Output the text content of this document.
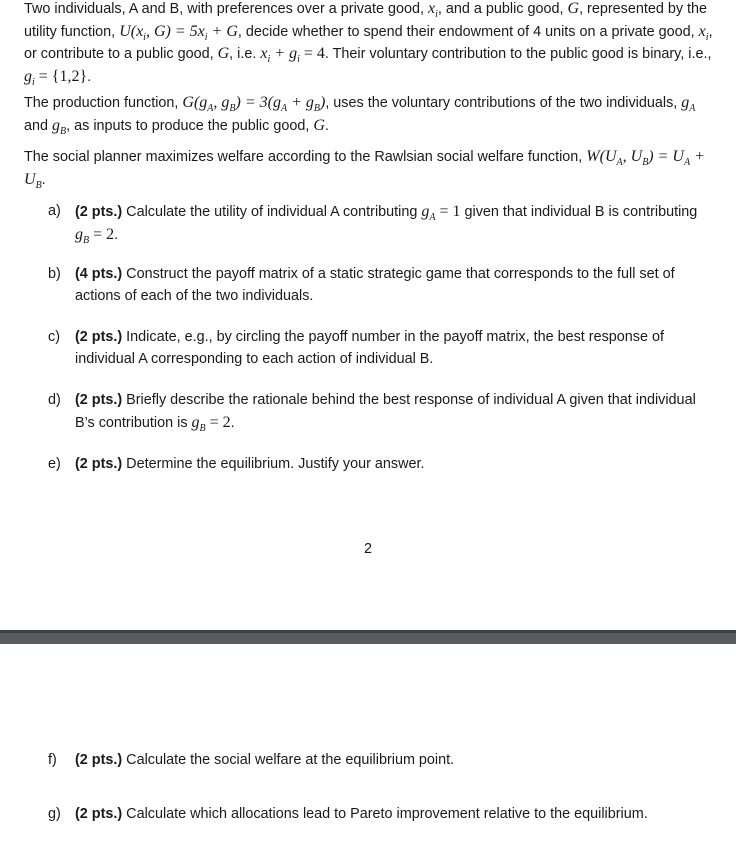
Two individuals, A and B, with preferences over a private good, $x_i$, and a public good, G, represented by the utility function, $U(x_i$, $G) = 5x_i + G$, decide whether to spend their endowment of 4 units on a private good, $x_i$, or contribute to a public good, G, i.e. $x_i + g_i = 4$. Their voluntary contribution to the public good is binary, i.e., $g_i = \{1,2\}$.

The production function, $G(g_A$, $g_B) = 3(g_A + g_B)$, uses the voluntary contributions of the two individuals, $g_A$ and $g_B$, as inputs to produce the public good, G.

The social planner maximizes welfare according to the Rawlsian social welfare function, $W(U_A$, $U_B) = U_A + U_B$.

a) (2 pts.) Calculate the utility of individual A contributing $g_A = 1$ given that individual B is contributing $g_B = 2$.
b) (4 pts.) Construct the payoff matrix of a static strategic game that corresponds to the full set of actions of each of the two individuals.
c)	(2 pts.) Indicate, e.g., by circling the payoff number in the payoff matrix, the best response of individual A corresponding to each action of individual B.
d) (2 pts.) Briefly describe the rationale behind the best response of individual A given that individual B’s contribution is $g_B = 2$.
e) (2 pts.) Determine the equilibrium. Justify your answer.
2
f)	(2 pts.) Calculate the social welfare at the equilibrium point.
g) (2 pts.) Calculate which allocations lead to Pareto improvement relative to the equilibrium.
